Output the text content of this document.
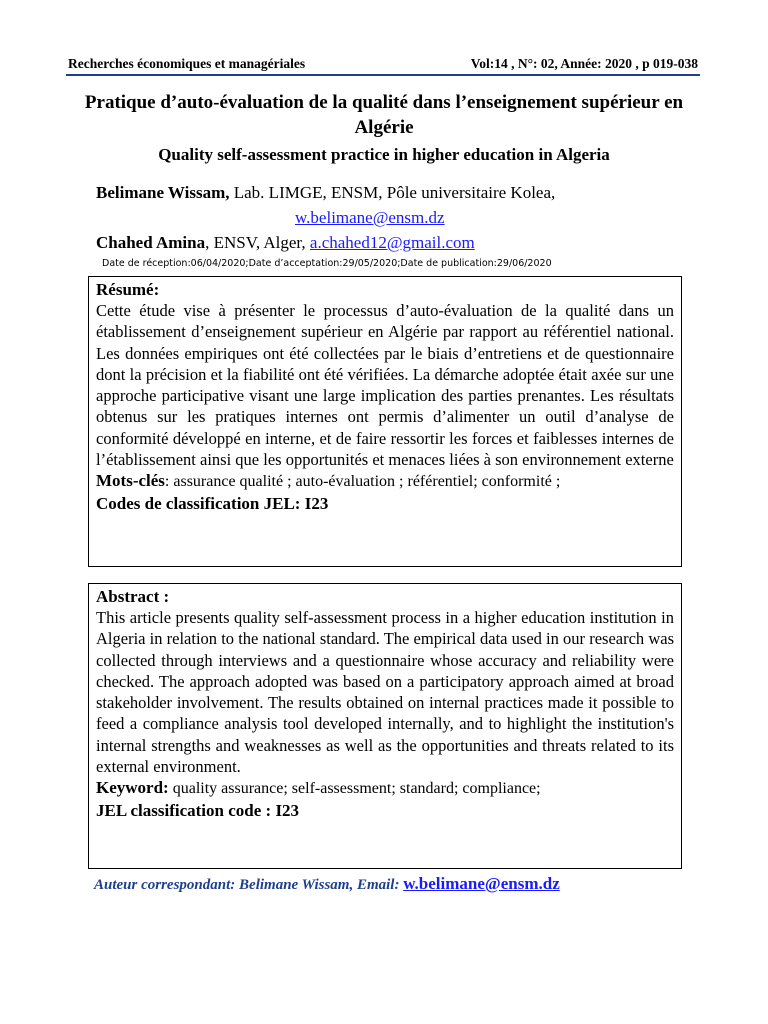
Recherches économiques et managériales	Vol:14 , N°: 02, Année: 2020 , p 019-038
Pratique d’auto-évaluation de la qualité dans l’enseignement supérieur en Algérie
Quality self-assessment practice in higher education in Algeria
Belimane Wissam, Lab. LIMGE, ENSM, Pôle universitaire Kolea,
w.belimane@ensm.dz
Chahed Amina, ENSV, Alger, a.chahed12@gmail.com
Date de réception:06/04/2020;Date d’acceptation:29/05/2020;Date de publication:29/06/2020
Résumé:

Cette étude vise à présenter le processus d’auto-évaluation de la qualité dans un établissement d’enseignement supérieur en Algérie par rapport au référentiel national. Les données empiriques ont été collectées par le biais d’entretiens et de questionnaire dont la précision et la fiabilité ont été vérifiées. La démarche adoptée était axée sur une approche participative visant une large implication des parties prenantes. Les résultats obtenus sur les pratiques internes ont permis d’alimenter un outil d’analyse de conformité développé en interne, et de faire ressortir les forces et faiblesses internes de l’établissement ainsi que les opportunités et menaces liées à son environnement externe

Mots-clés: assurance qualité ; auto-évaluation ; référentiel; conformité ;
Codes de classification JEL: I23
Abstract :

This article presents quality self-assessment process in a higher education institution in Algeria in relation to the national standard. The empirical data used in our research was collected through interviews and a questionnaire whose accuracy and reliability were checked. The approach adopted was based on a participatory approach aimed at broad stakeholder involvement. The results obtained on internal practices made it possible to feed a compliance analysis tool developed internally, and to highlight the institution's internal strengths and weaknesses as well as the opportunities and threats related to its external environment.

Keyword: quality assurance; self-assessment; standard; compliance;
JEL classification code : I23
Auteur correspondant: Belimane Wissam, Email: w.belimane@ensm.dz
